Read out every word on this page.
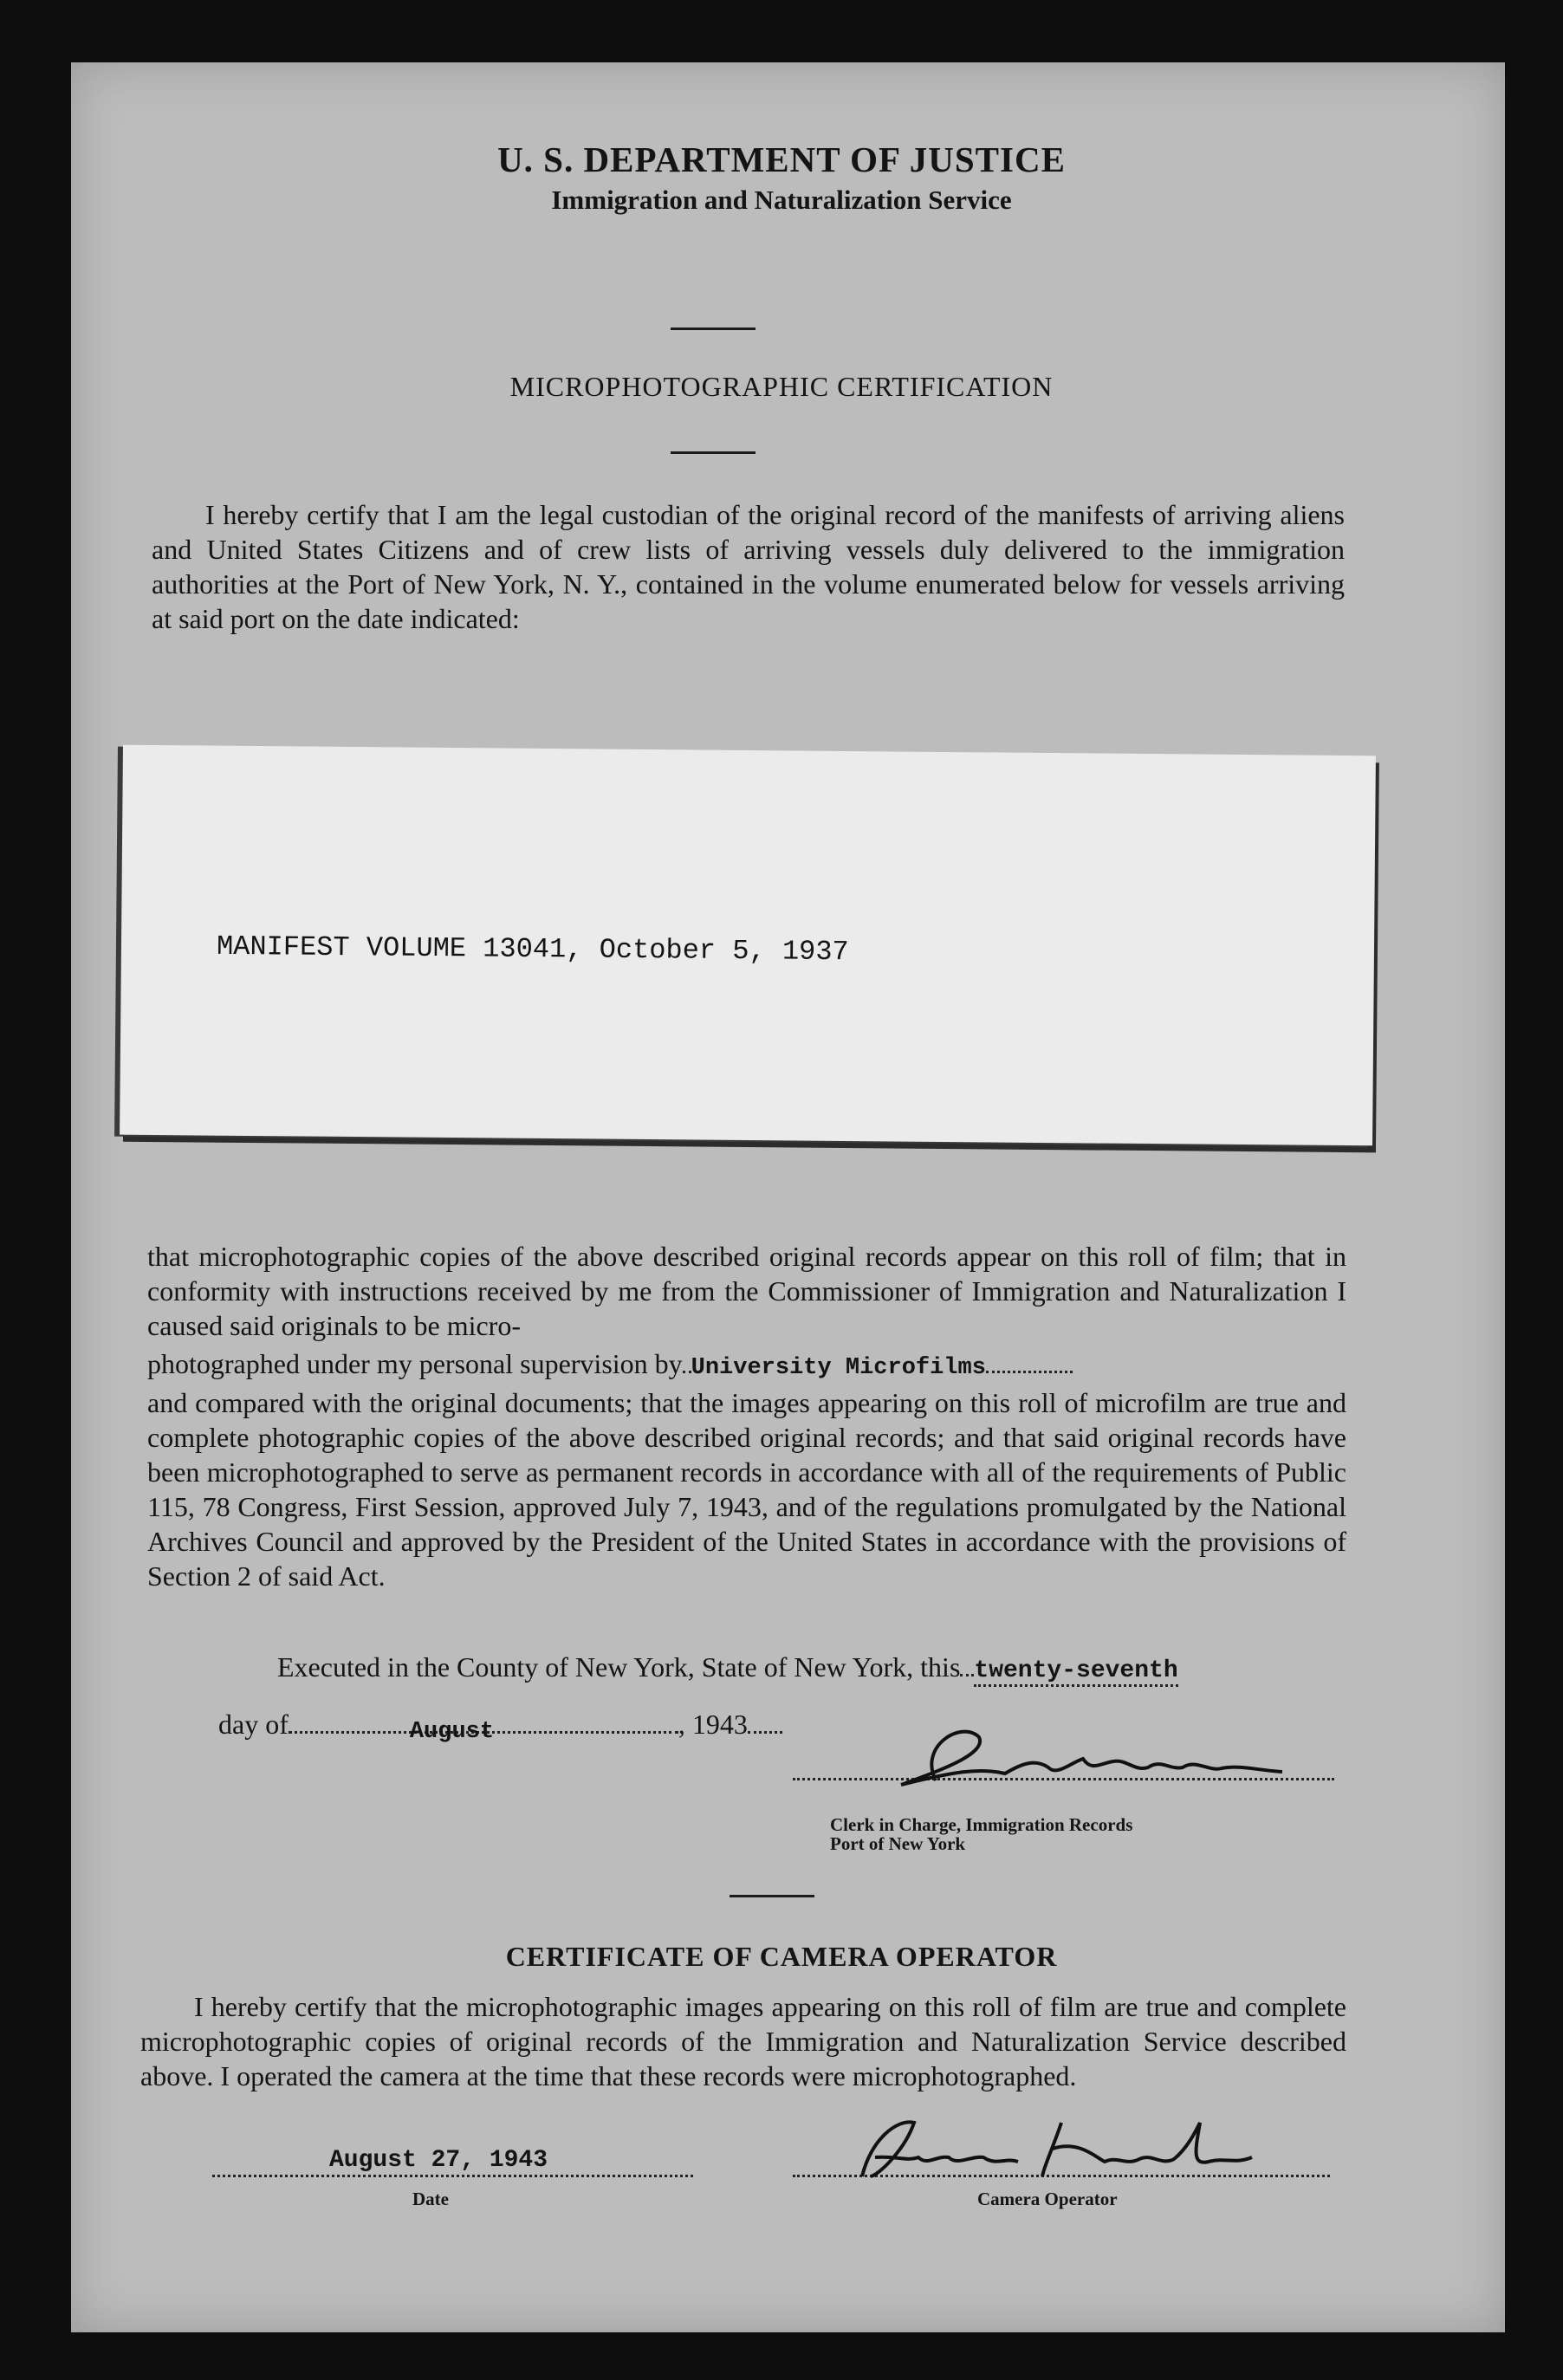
U. S. DEPARTMENT OF JUSTICE
Immigration and Naturalization Service
MICROPHOTOGRAPHIC CERTIFICATION
I hereby certify that I am the legal custodian of the original record of the manifests of arriving aliens and United States Citizens and of crew lists of arriving vessels duly delivered to the immigration authorities at the Port of New York, N. Y., contained in the volume enumerated below for vessels arriving at said port on the date indicated:
MANIFEST VOLUME 13041, October 5, 1937
that microphotographic copies of the above described original records appear on this roll of film; that in conformity with instructions received by me from the Commissioner of Immigration and Naturalization I caused said originals to be micro-
photographed under my personal supervision by University Microfilms
and compared with the original documents; that the images appearing on this roll of microfilm are true and complete photographic copies of the above described original records; and that said original records have been microphotographed to serve as permanent records in accordance with all of the requirements of Public 115, 78 Congress, First Session, approved July 7, 1943, and of the regulations promulgated by the National Archives Council and approved by the President of the United States in accordance with the provisions of Section 2 of said Act.
Executed in the County of New York, State of New York, this twenty-seventh
day of	August	, 1943
Clerk in Charge, Immigration Records
Port of New York
CERTIFICATE OF CAMERA OPERATOR
I hereby certify that the microphotographic images appearing on this roll of film are true and complete microphotographic copies of original records of the Immigration and Naturalization Service described above. I operated the camera at the time that these records were microphotographed.
August 27, 1943
Date	Camera Operator
